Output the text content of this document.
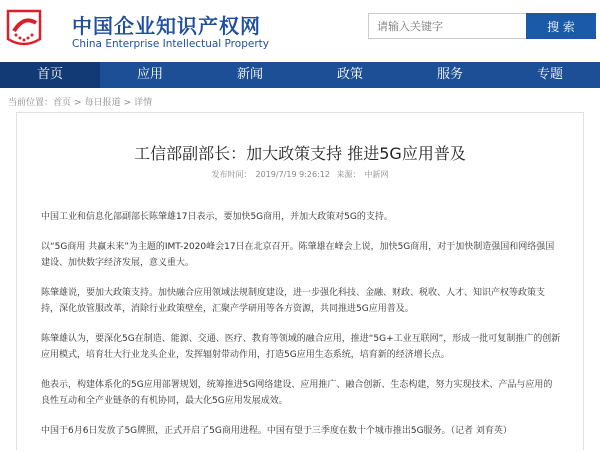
中国企业知识产权网
China Enterprise Intellectual Property
请输入关键字
搜 索
首页	应用	新闻	政策	服务	专题
当前位置：首页 > 每日报道 > 详情
工信部副部长：加大政策支持 推进5G应用普及
发布时间： 2019/7/19 9:26:12 来源： 中新网

中国工业和信息化部副部长陈肇雄17日表示，要加快5G商用，并加大政策对5G的支持。

以“5G商用 共赢未来”为主题的IMT-2020峰会17日在北京召开。陈肇雄在峰会上说，加快5G商用，对于加快制造强国和网络强国建设、加快数字经济发展，意义重大。

陈肇雄说，要加大政策支持。加快融合应用领域法规制度建设，进一步强化科技、金融、财政、税收、人才、知识产权等政策支持，深化放管服改革，消除行业政策壁垒，汇聚产学研用等各方资源，共同推进5G应用普及。

陈肇雄认为，要深化5G在制造、能源、交通、医疗、教育等领域的融合应用，推进“5G+工业互联网”，形成一批可复制推广的创新应用模式，培育壮大行业龙头企业，发挥辐射带动作用，打造5G应用生态系统，培育新的经济增长点。

他表示，构建体系化的5G应用部署规划，统筹推进5G网络建设、应用推广、融合创新、生态构建，努力实现技术、产品与应用的良性互动和全产业链条的有机协同，最大化5G应用发展成效。

中国于6月6日发放了5G牌照，正式开启了5G商用进程。中国有望于三季度在数十个城市推出5G服务。（记者 刘育英）
